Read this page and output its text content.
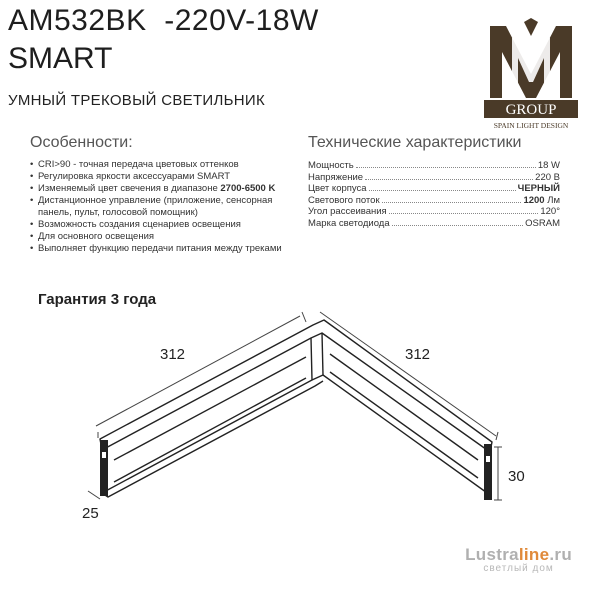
AM532BK  -220V-18W
SMART
УМНЫЙ ТРЕКОВЫЙ СВЕТИЛЬНИК
GROUP
SPAIN LIGHT DESIGN
Особенности:
• CRI>90 - точная передача цветовых оттенков
• Регулировка яркости аксессуарами SMART
• Изменяемый цвет свечения в диапазоне 2700-6500 K
• Дистанционное управление (приложение, сенсорная панель, пульт, голосовой помощник)
• Возможность создания сценариев освещения
• Для основного освещения
• Выполняет функцию передачи питания между треками
Технические характеристики
Мощность	18 W
Напряжение	220 В
Цвет корпуса	ЧЕРНЫЙ
Светового поток	1200 Лм
Угол рассеивания	120°
Марка светодиода	OSRAM
Гарантия 3 года
312	312
30
25
Lustraline.ru
светлый дом
